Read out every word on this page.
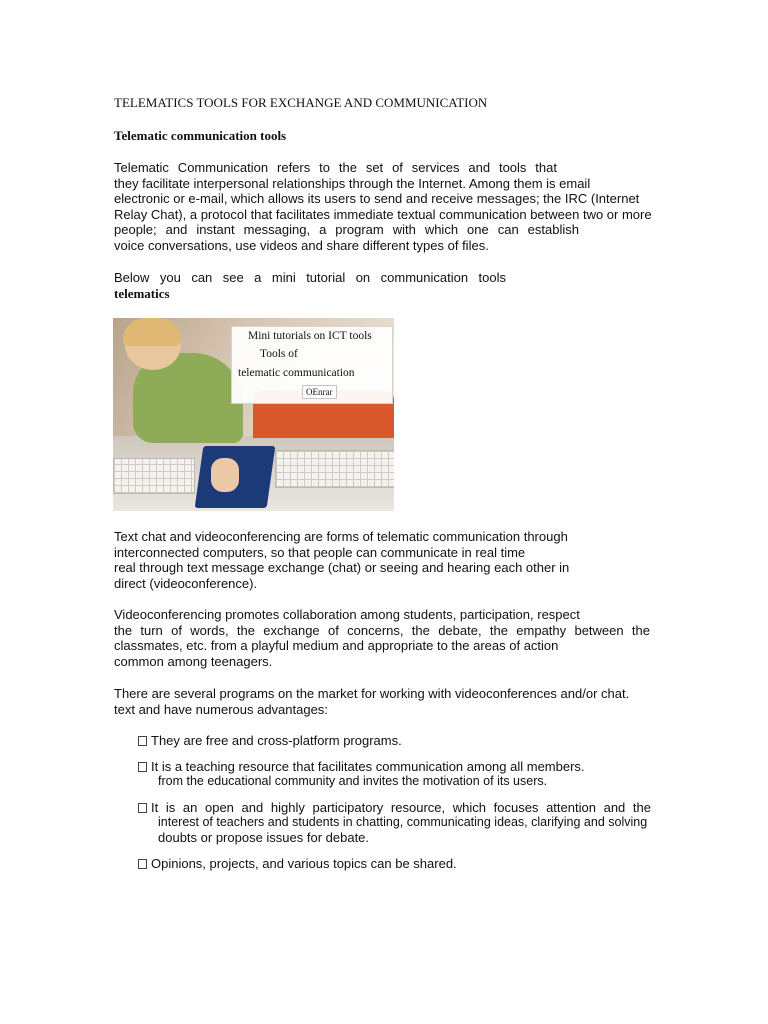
TELEMATICS TOOLS FOR EXCHANGE AND COMMUNICATION
Telematic communication tools
Telematic Communication refers to the set of services and tools that
they facilitate interpersonal relationships through the Internet. Among them is email
electronic or e-mail, which allows its users to send and receive messages; the IRC (Internet
Relay Chat), a protocol that facilitates immediate textual communication between two or more
people; and instant messaging, a program with which one can establish
voice conversations, use videos and share different types of files.
Below you can see a mini tutorial on communication tools
telematics
Mini tutorials on ICT tools
Tools of
telematic communication
OEnrar
Text chat and videoconferencing are forms of telematic communication through
interconnected computers, so that people can communicate in real time
real through text message exchange (chat) or seeing and hearing each other in
direct (videoconference).
Videoconferencing promotes collaboration among students, participation, respect
the turn of words, the exchange of concerns, the debate, the empathy between the
classmates, etc. from a playful medium and appropriate to the areas of action
common among teenagers.
There are several programs on the market for working with videoconferences and/or chat.
text and have numerous advantages:
They are free and cross-platform programs.
It is a teaching resource that facilitates communication among all members.
from the educational community and invites the motivation of its users.
It is an open and highly participatory resource, which focuses attention and the
interest of teachers and students in chatting, communicating ideas, clarifying and solving
doubts or propose issues for debate.
Opinions, projects, and various topics can be shared.
